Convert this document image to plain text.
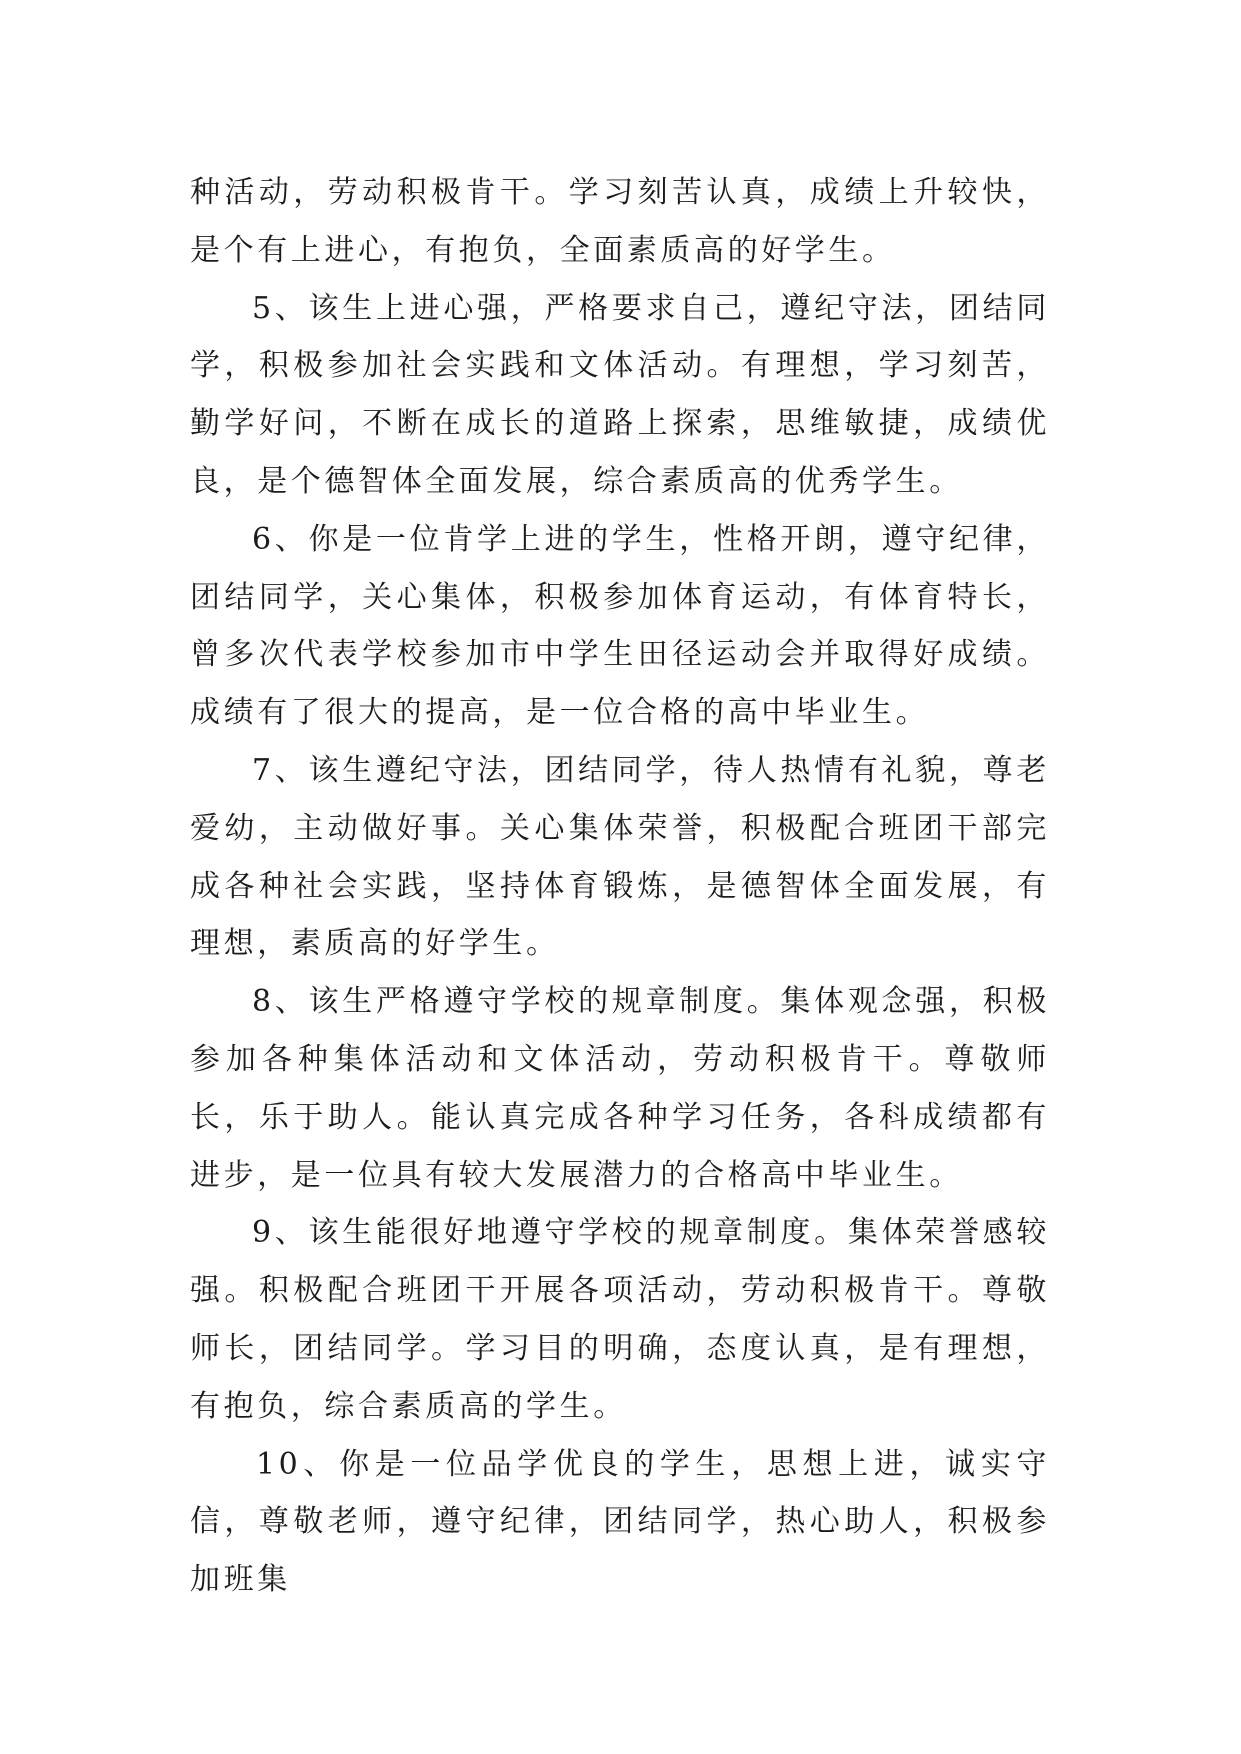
种活动，劳动积极肯干。学习刻苦认真，成绩上升较快，是个有上进心，有抱负，全面素质高的好学生。

5、该生上进心强，严格要求自己，遵纪守法，团结同学，积极参加社会实践和文体活动。有理想，学习刻苦，勤学好问，不断在成长的道路上探索，思维敏捷，成绩优良，是个德智体全面发展，综合素质高的优秀学生。

6、你是一位肯学上进的学生，性格开朗，遵守纪律，团结同学，关心集体，积极参加体育运动，有体育特长，曾多次代表学校参加市中学生田径运动会并取得好成绩。成绩有了很大的提高，是一位合格的高中毕业生。

7、该生遵纪守法，团结同学，待人热情有礼貌，尊老爱幼，主动做好事。关心集体荣誉，积极配合班团干部完成各种社会实践，坚持体育锻炼，是德智体全面发展，有理想，素质高的好学生。

8、该生严格遵守学校的规章制度。集体观念强，积极参加各种集体活动和文体活动，劳动积极肯干。尊敬师长，乐于助人。能认真完成各种学习任务，各科成绩都有进步，是一位具有较大发展潜力的合格高中毕业生。

9、该生能很好地遵守学校的规章制度。集体荣誉感较强。积极配合班团干开展各项活动，劳动积极肯干。尊敬师长，团结同学。学习目的明确，态度认真，是有理想，有抱负，综合素质高的学生。

10、你是一位品学优良的学生，思想上进，诚实守信，尊敬老师，遵守纪律，团结同学，热心助人，积极参加班集
